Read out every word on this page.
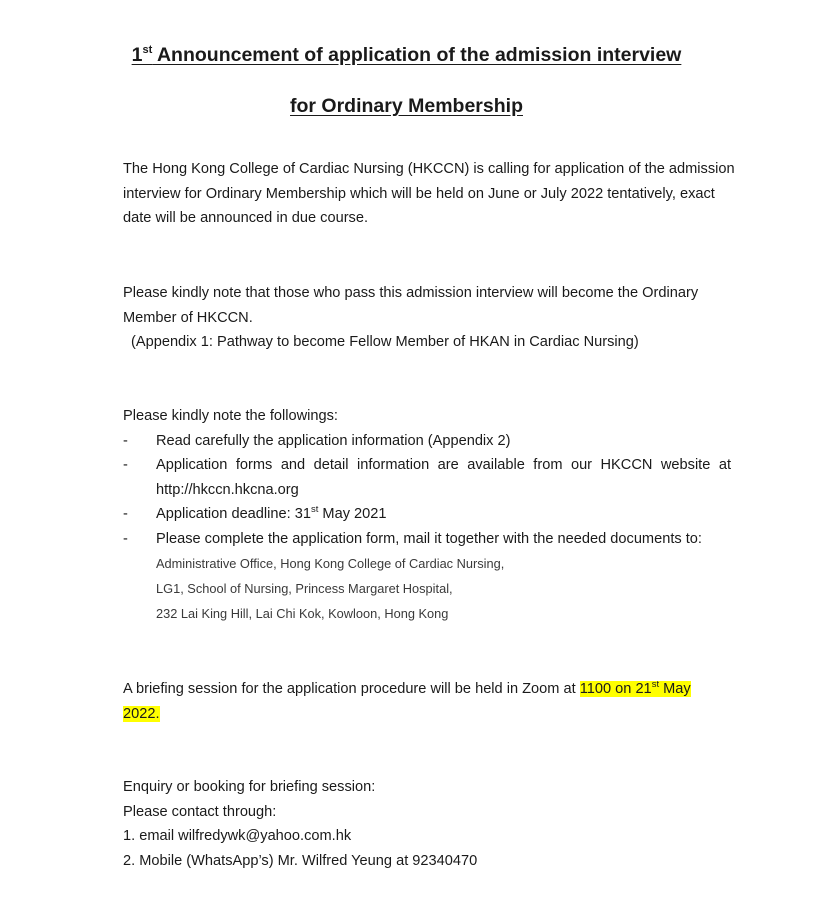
1st Announcement of application of the admission interview
for Ordinary Membership
The Hong Kong College of Cardiac Nursing (HKCCN) is calling for application of the admission
interview for Ordinary Membership which will be held on June or July 2022 tentatively, exact
date will be announced in due course.
Please kindly note that those who pass this admission interview will become the Ordinary
Member of HKCCN.
(Appendix 1: Pathway to become Fellow Member of HKAN in Cardiac Nursing)
Please kindly note the followings:
- Read carefully the application information (Appendix 2)
- Application forms and detail information are available from our HKCCN website at
http://hkccn.hkcna.org
- Application deadline: 31st May 2021
- Please complete the application form, mail it together with the needed documents to:
Administrative Office, Hong Kong College of Cardiac Nursing,
LG1, School of Nursing, Princess Margaret Hospital,
232 Lai King Hill, Lai Chi Kok, Kowloon, Hong Kong
A briefing session for the application procedure will be held in Zoom at 1100 on 21st May
2022.
Enquiry or booking for briefing session:
Please contact through:
1. email wilfredywk@yahoo.com.hk
2. Mobile (WhatsApp’s) Mr. Wilfred Yeung at 92340470
